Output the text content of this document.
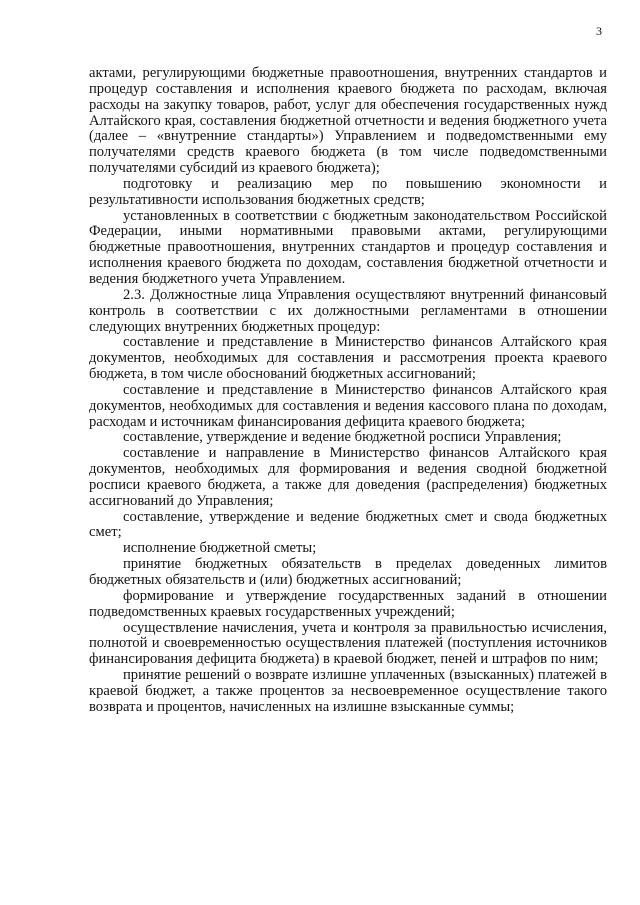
3

актами, регулирующими бюджетные правоотношения, внутренних стандартов и процедур составления и исполнения краевого бюджета по расходам, включая расходы на закупку товаров, работ, услуг для обеспечения государственных нужд Алтайского края, составления бюджетной отчетности и ведения бюджетного учета (далее – «внутренние стандарты») Управлением и подведомственными ему получателями средств краевого бюджета (в том числе подведомственными получателями субсидий из краевого бюджета);

подготовку и реализацию мер по повышению экономности и результативности использования бюджетных средств;

установленных в соответствии с бюджетным законодательством Российской Федерации, иными нормативными правовыми актами, регулирующими бюджетные правоотношения, внутренних стандартов и процедур составления и исполнения краевого бюджета по доходам, составления бюджетной отчетности и ведения бюджетного учета Управлением.

2.3. Должностные лица Управления осуществляют внутренний финансовый контроль в соответствии с их должностными регламентами в отношении следующих внутренних бюджетных процедур:

составление и представление в Министерство финансов Алтайского края документов, необходимых для составления и рассмотрения проекта краевого бюджета, в том числе обоснований бюджетных ассигнований;

составление и представление в Министерство финансов Алтайского края документов, необходимых для составления и ведения кассового плана по доходам, расходам и источникам финансирования дефицита краевого бюджета;

составление, утверждение и ведение бюджетной росписи Управления;

составление и направление в Министерство финансов Алтайского края документов, необходимых для формирования и ведения сводной бюджетной росписи краевого бюджета, а также для доведения (распределения) бюджетных ассигнований до Управления;

составление, утверждение и ведение бюджетных смет и свода бюджетных смет;

исполнение бюджетной сметы;

принятие бюджетных обязательств в пределах доведенных лимитов бюджетных обязательств и (или) бюджетных ассигнований;

формирование и утверждение государственных заданий в отношении подведомственных краевых государственных учреждений;

осуществление начисления, учета и контроля за правильностью исчисления, полнотой и своевременностью осуществления платежей (поступления источников финансирования дефицита бюджета) в краевой бюджет, пеней и штрафов по ним;

принятие решений о возврате излишне уплаченных (взысканных) платежей в краевой бюджет, а также процентов за несвоевременное осуществление такого возврата и процентов, начисленных на излишне взысканные суммы;
